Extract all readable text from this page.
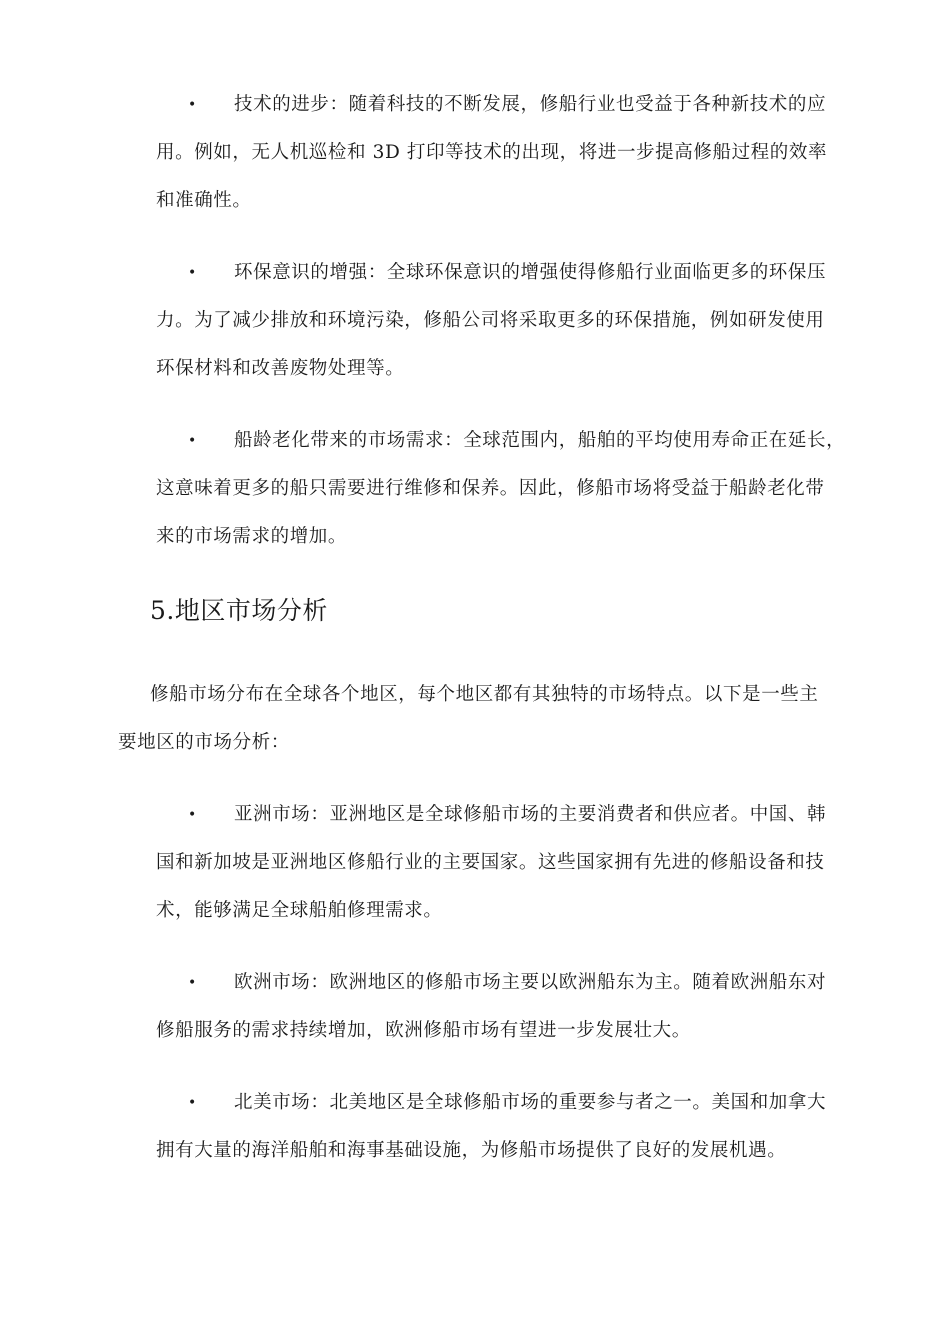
• 技术的进步：随着科技的不断发展，修船行业也受益于各种新技术的应
用。例如，无人机巡检和 3D 打印等技术的出现，将进一步提高修船过程的效率
和准确性。
• 环保意识的增强：全球环保意识的增强使得修船行业面临更多的环保压
力。为了减少排放和环境污染，修船公司将采取更多的环保措施，例如研发使用
环保材料和改善废物处理等。
• 船龄老化带来的市场需求：全球范围内，船舶的平均使用寿命正在延长，
这意味着更多的船只需要进行维修和保养。因此，修船市场将受益于船龄老化带
来的市场需求的增加。
5.地区市场分析
修船市场分布在全球各个地区，每个地区都有其独特的市场特点。以下是一些主
要地区的市场分析：
• 亚洲市场：亚洲地区是全球修船市场的主要消费者和供应者。中国、韩
国和新加坡是亚洲地区修船行业的主要国家。这些国家拥有先进的修船设备和技
术，能够满足全球船舶修理需求。
• 欧洲市场：欧洲地区的修船市场主要以欧洲船东为主。随着欧洲船东对
修船服务的需求持续增加，欧洲修船市场有望进一步发展壮大。
• 北美市场：北美地区是全球修船市场的重要参与者之一。美国和加拿大
拥有大量的海洋船舶和海事基础设施，为修船市场提供了良好的发展机遇。
